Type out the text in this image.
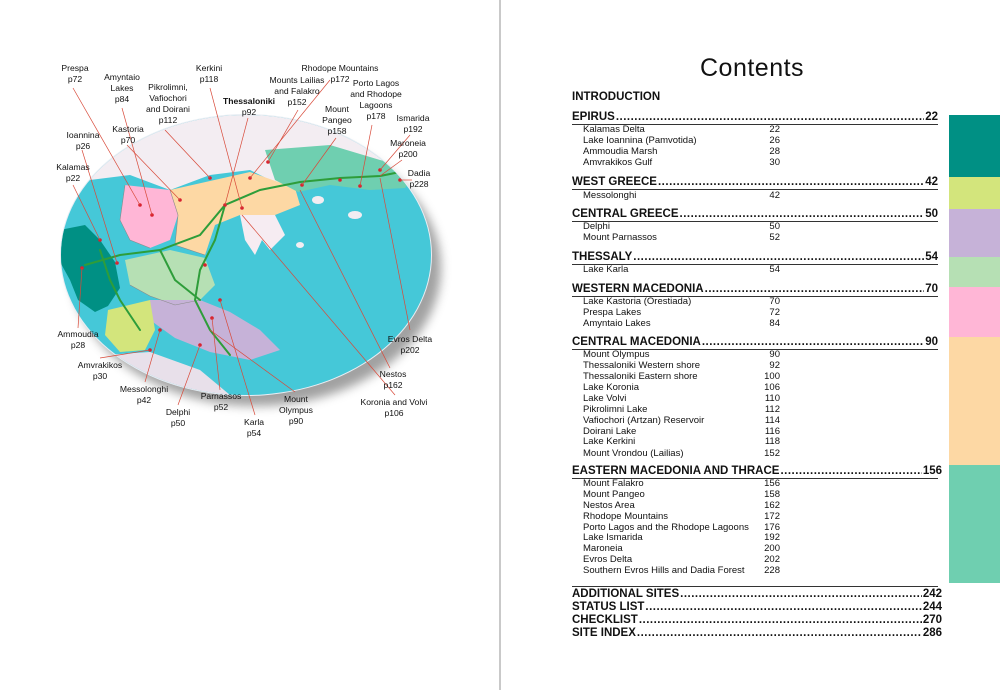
Prespa
p72	Amyntaio
Lakes
p84
Pikrolimni,
Vafiochori
and Doirani
p112
Kerkini
p118
Rhodope Mountains
p172
Mounts Lailias
and Falakro
p152
Porto Lagos
and Rhodope
Lagoons
p178
Thessaloniki
p92	Mount
Pangeo
p158
Ismarida
p192
Maroneia
p200
Dadia
p228
Ioannina
p26
Kastoria
p70
Kalamas
p22
Ammoudia
p28
Amvrakikos
p30
Messolonghi
p42
Delphi
p50
Parnassos
p52
Karla
p54
Mount
Olympus
p90
Evros Delta
p202
Nestos
p162
Koronia and Volvi
p106
Contents
INTRODUCTION
EPIRUS .....	22
Kalamas Delta	22
Lake Ioannina (Pamvotida)	26
Ammoudia Marsh	28
Amvrakikos Gulf	30
WEST GREECE .....	42
Messolonghi	42
CENTRAL GREECE .....	50
Delphi	50
Mount Parnassos	52
THESSALY .....	54
Lake Karla	54
WESTERN MACEDONIA .....	70
Lake Kastoria (Orestiada)	70
Prespa Lakes	72
Amyntaio Lakes	84
CENTRAL MACEDONIA .....	90
Mount Olympus	90
Thessaloniki Western shore	92
Thessaloniki Eastern shore	100
Lake Koronia	106
Lake Volvi	110
Pikrolimni Lake	112
Vafiochori (Artzan) Reservoir	114
Doirani Lake	116
Lake Kerkini	118
Mount Vrondou (Lailias)	152
EASTERN MACEDONIA AND THRACE .....	156
Mount Falakro	156
Mount Pangeo	158
Nestos Area	162
Rhodope Mountains	172
Porto Lagos and the Rhodope Lagoons	176
Lake Ismarida	192
Maroneia	200
Evros Delta	202
Southern Evros Hills and Dadia Forest	228
ADDITIONAL SITES .....	242
STATUS LIST .....	244
CHECKLIST .....	270
SITE INDEX .....	286
